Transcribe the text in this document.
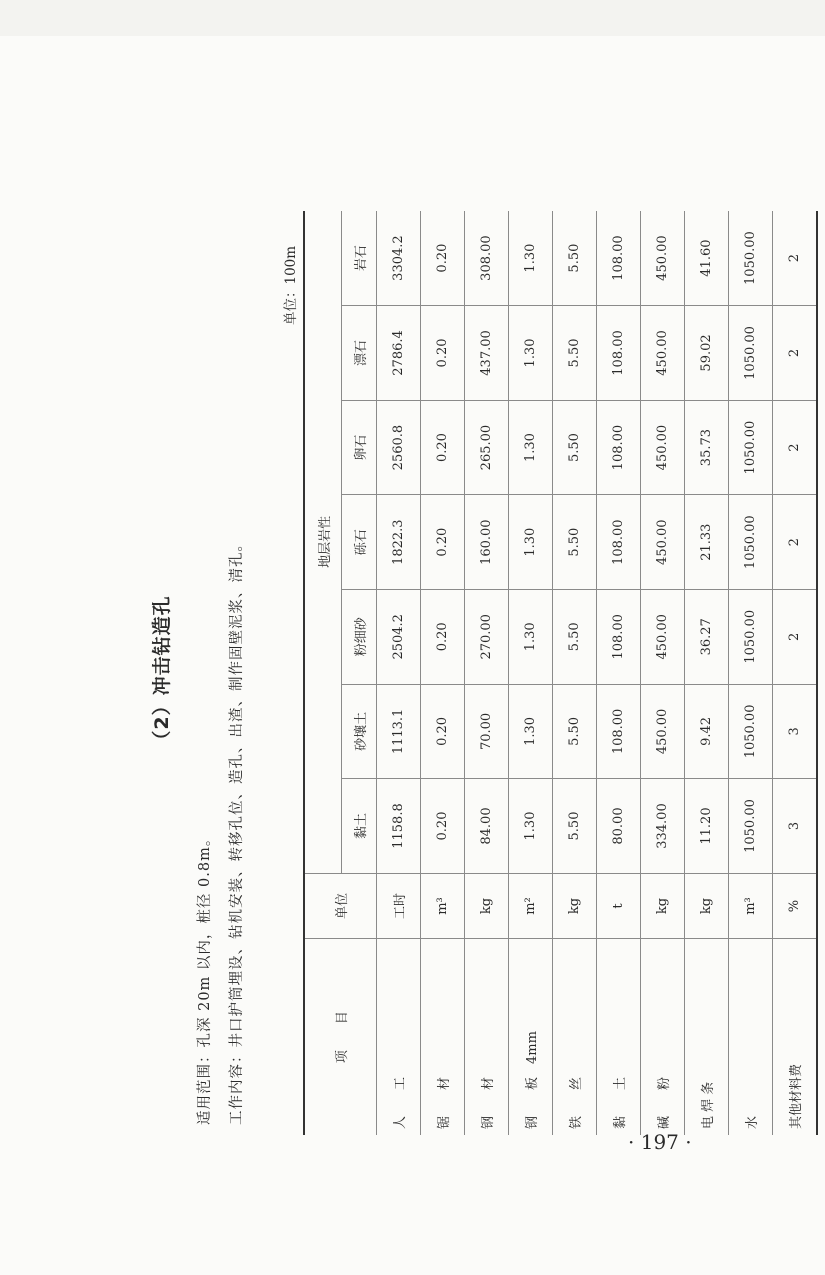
（2）冲击钻造孔
适用范围：孔深 20m 以内，桩径 0.8m。 工作内容：井口护筒埋设、钻机安装、转移孔位、造孔、出渣、制作固壁泥浆、清孔。
单位：100m
项　　目	单位	地层岩性						
		黏土	砂壤土	粉细砂	砾石	卵石	漂石	岩石
人　　工	工时	1158.8	1113.1	2504.2	1822.3	2560.8	2786.4	3304.2
锯　　材	m³	0.20	0.20	0.20	0.20	0.20	0.20	0.20
钢　　材	kg	84.00	70.00	270.00	160.00	265.00	437.00	308.00
钢　　板　4mm	m²	1.30	1.30	1.30	1.30	1.30	1.30	1.30
铁　　丝	kg	5.50	5.50	5.50	5.50	5.50	5.50	5.50
黏　　土	t	80.00	108.00	108.00	108.00	108.00	108.00	108.00
碱　　粉	kg	334.00	450.00	450.00	450.00	450.00	450.00	450.00
电 焊 条	kg	11.20	9.42	36.27	21.33	35.73	59.02	41.60
水	m³	1050.00	1050.00	1050.00	1050.00	1050.00	1050.00	1050.00
其他材料费	%	3	3	2	2	2	2	2
· 197 ·
